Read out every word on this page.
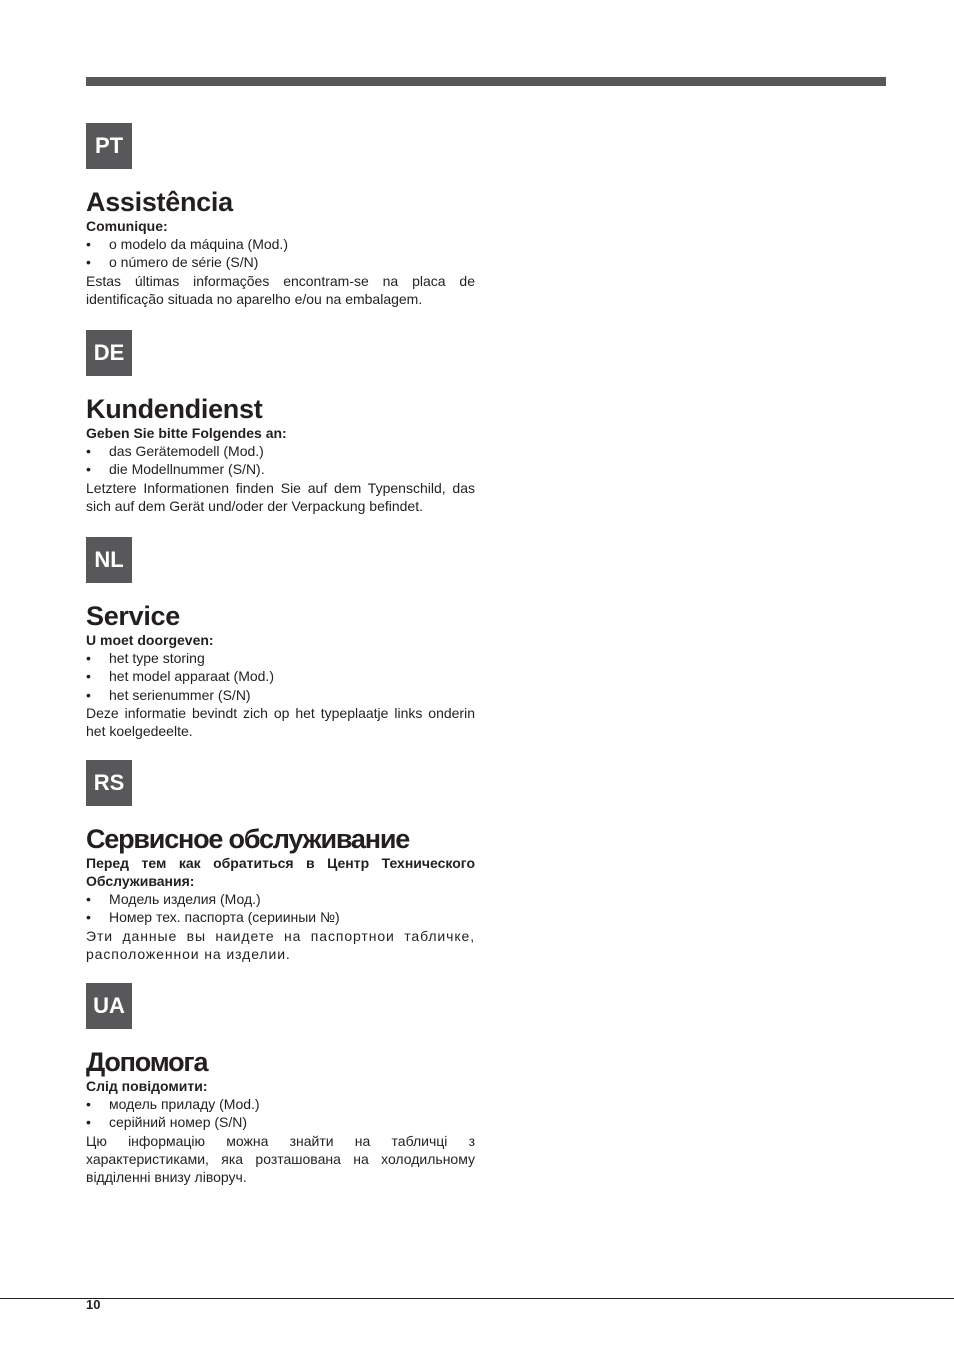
PT
Assistência

Comunique:

• o modelo da máquina (Mod.)
• o número de série (S/N)

Estas últimas informações encontram-se na placa de identificação situada no aparelho e/ou na embalagem.

DE
Kundendienst

Geben Sie bitte Folgendes an:

• das Gerätemodell (Mod.)
• die Modellnummer (S/N).

Letztere Informationen finden Sie auf dem Typenschild, das sich auf dem Gerät und/oder der Verpackung befindet.

NL
Service

U moet doorgeven:

• het type storing
• het model apparaat (Mod.)
• het serienummer (S/N)

Deze informatie bevindt zich op het typeplaatje links onderin het koelgedeelte.

RS
Сервисное обслуживание

Перед тем как обратиться в Центр Технического Обслуживания:

• Модель изделия (Мод.)
• Номер тех. паспорта (серииныи №)

Эти данные вы наидете на паспортнои табличке, расположеннои на изделии.

UA
Допомога

Слід повідомити:

• модель приладу (Mod.)
• серійний номер (S/N)

Цю інформацію можна знайти на табличці з характеристиками, яка розташована на холодильному відділенні внизу ліворуч.

10
